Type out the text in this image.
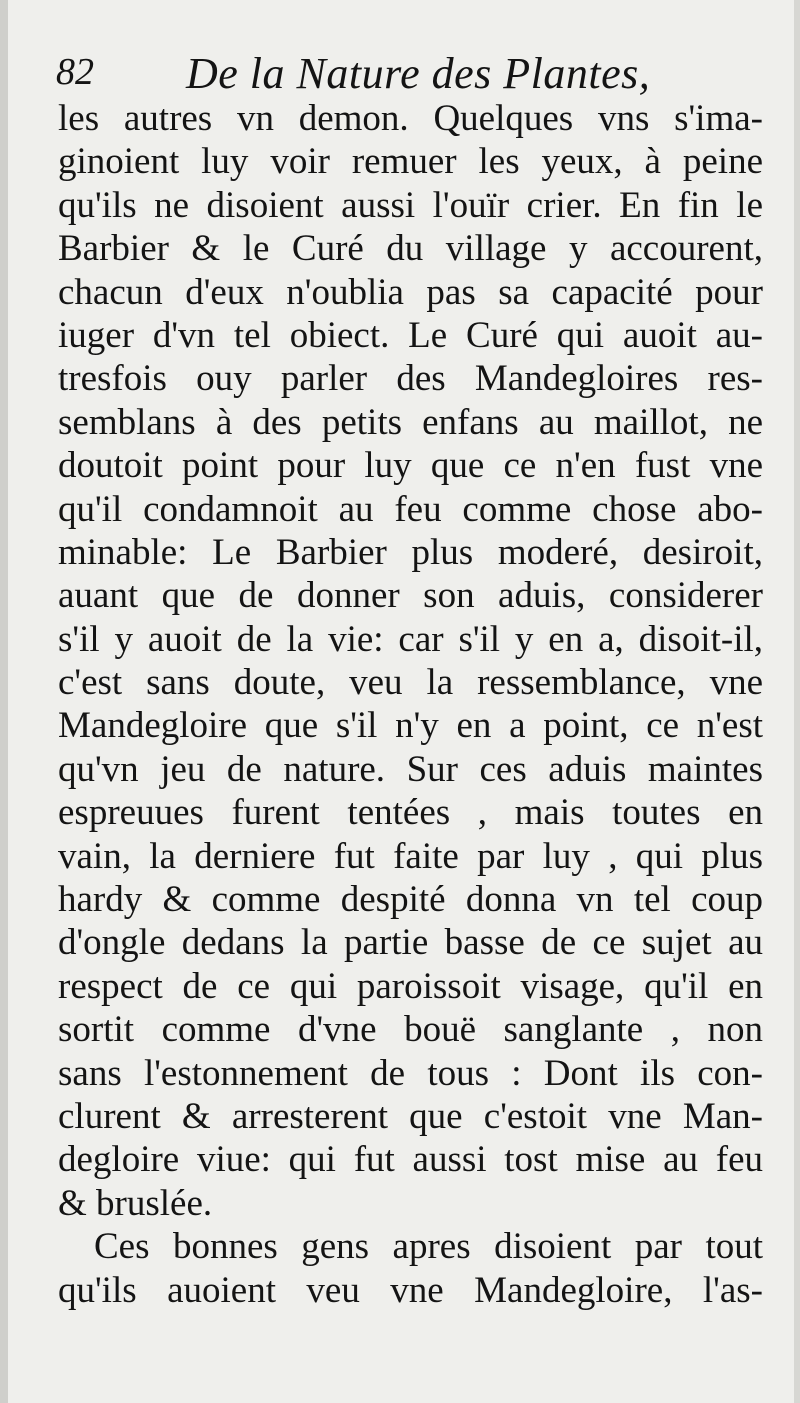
82 De la Nature des Plantes,
les autres vn demon. Quelques vns s'ima-
ginoient luy voir remuer les yeux, à peine
qu'ils ne disoient aussi l'ouïr crier. En fin le
Barbier & le Curé du village y accourent,
chacun d'eux n'oublia pas sa capacité pour
iuger d'vn tel obiect. Le Curé qui auoit au-
tresfois ouy parler des Mandegloires res-
semblans à des petits enfans au maillot, ne
doutoit point pour luy que ce n'en fust vne
qu'il condamnoit au feu comme chose abo-
minable: Le Barbier plus moderé, desiroit,
auant que de donner son aduis, considerer
s'il y auoit de la vie: car s'il y en a, disoit-il,
c'est sans doute, veu la ressemblance, vne
Mandegloire que s'il n'y en a point, ce n'est
qu'vn jeu de nature. Sur ces aduis maintes
espreuues furent tentées , mais toutes en
vain, la derniere fut faite par luy , qui plus
hardy & comme despité donna vn tel coup
d'ongle dedans la partie basse de ce sujet au
respect de ce qui paroissoit visage, qu'il en
sortit comme d'vne bouë sanglante , non
sans l'estonnement de tous : Dont ils con-
clurent & arresterent que c'estoit vne Man-
degloire viue: qui fut aussi tost mise au feu
& bruslée.
Ces bonnes gens apres disoient par tout
qu'ils auoient veu vne Mandegloire, l'as-
